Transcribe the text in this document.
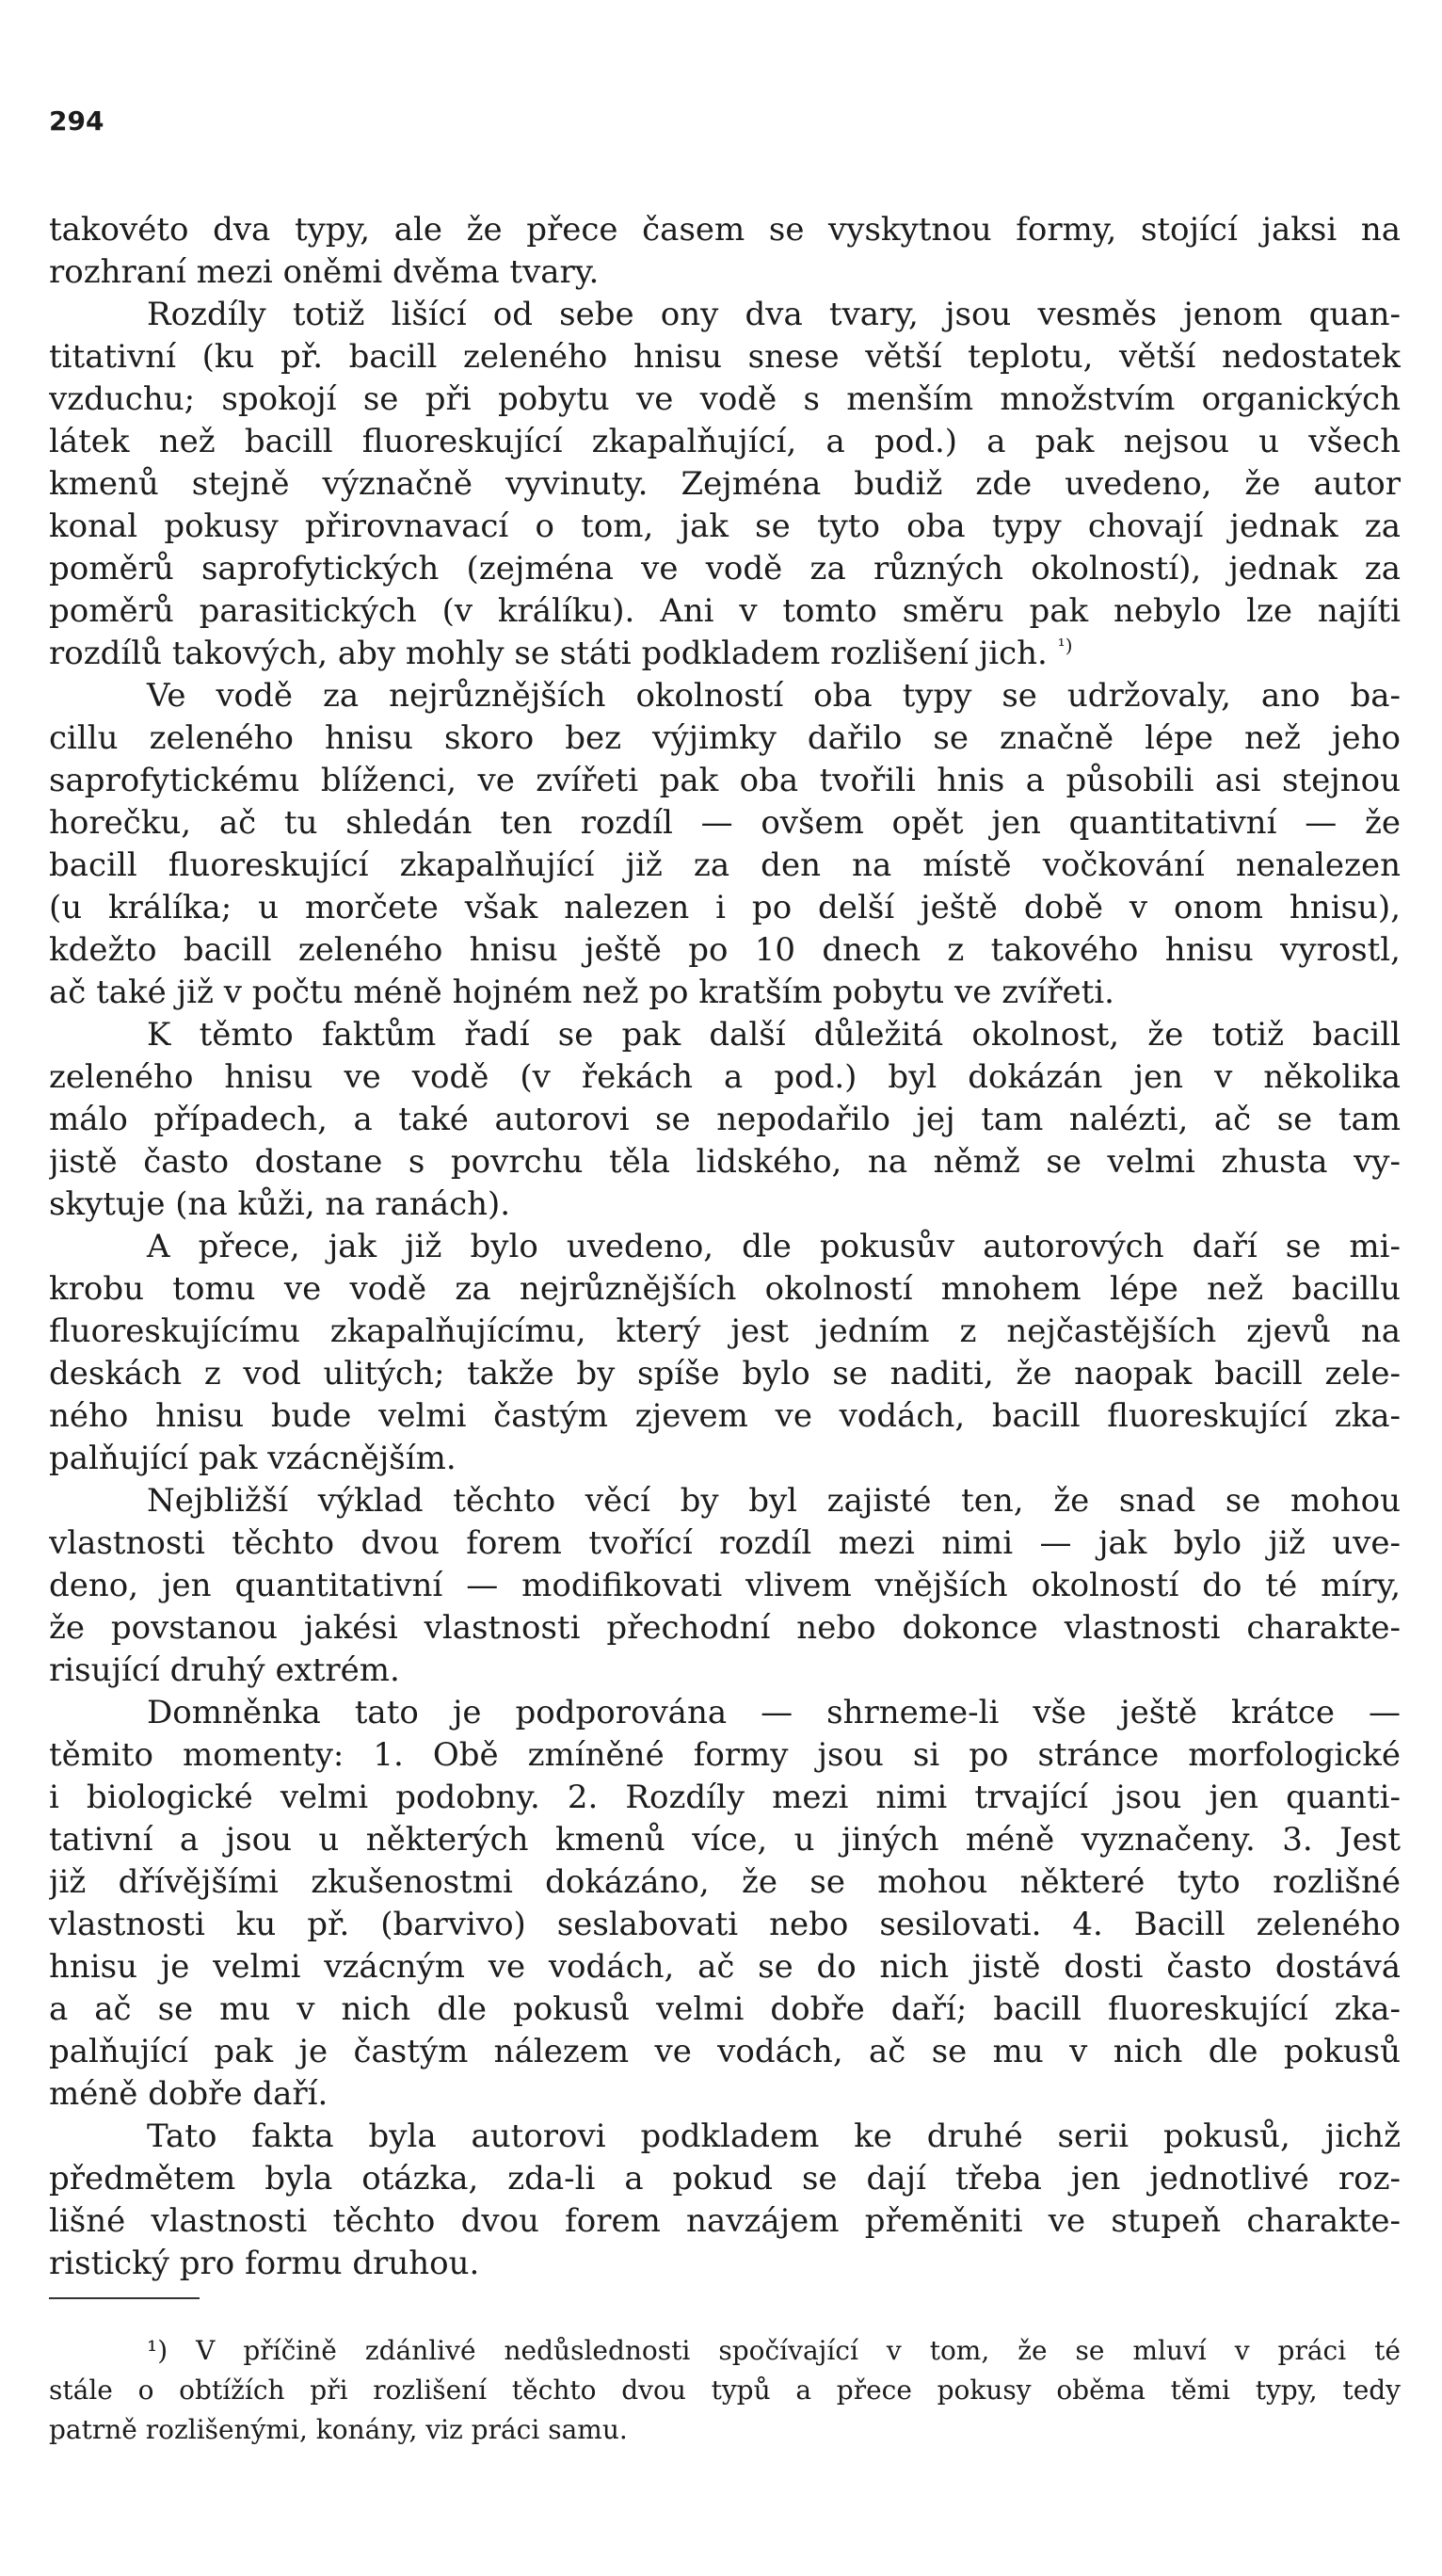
294
takovéto dva typy, ale že přece časem se vyskytnou formy, stojící jaksi na
rozhraní mezi oněmi dvěma tvary.
Rozdíly totiž lišící od sebe ony dva tvary, jsou vesměs jenom quan-
titativní (ku př. bacill zeleného hnisu snese větší teplotu, větší nedostatek
vzduchu; spokojí se při pobytu ve vodě s menším množstvím organických
látek než bacill fluoreskující zkapalňující, a pod.) a pak nejsou u všech
kmenů stejně význačně vyvinuty. Zejména budiž zde uvedeno, že autor
konal pokusy přirovnavací o tom, jak se tyto oba typy chovají jednak za
poměrů saprofytických (zejména ve vodě za různých okolností), jednak za
poměrů parasitických (v králíku). Ani v tomto směru pak nebylo lze najíti
rozdílů takových, aby mohly se státi podkladem rozlišení jich. $^{^1)}$
Ve vodě za nejrůznějších okolností oba typy se udržovaly, ano ba-
cillu zeleného hnisu skoro bez výjimky dařilo se značně lépe než jeho
saprofytickému blíženci, ve zvířeti pak oba tvořili hnis a působili asi stejnou
horečku, ač tu shledán ten rozdíl — ovšem opět jen quantitativní — že
bacill fluoreskující zkapalňující již za den na místě vočkování nenalezen
(u králíka; u morčete však nalezen i po delší ještě době v onom hnisu),
kdežto bacill zeleného hnisu ještě po 10 dnech z takového hnisu vyrostl,
ač také již v počtu méně hojném než po kratším pobytu ve zvířeti.
K těmto faktům řadí se pak další důležitá okolnost, že totiž bacill
zeleného hnisu ve vodě (v řekách a pod.) byl dokázán jen v několika
málo případech, a také autorovi se nepodařilo jej tam nalézti, ač se tam
jistě často dostane s povrchu těla lidského, na němž se velmi zhusta vy-
skytuje (na kůži, na ranách).
A přece, jak již bylo uvedeno, dle pokusův autorových daří se mi-
krobu tomu ve vodě za nejrůznějších okolností mnohem lépe než bacillu
fluoreskujícímu zkapalňujícímu, který jest jedním z nejčastějších zjevů na
deskách z vod ulitých; takže by spíše bylo se naditi, že naopak bacill zele-
ného hnisu bude velmi častým zjevem ve vodách, bacill fluoreskující zka-
palňující pak vzácnějším.
Nejbližší výklad těchto věcí by byl zajisté ten, že snad se mohou
vlastnosti těchto dvou forem tvořící rozdíl mezi nimi — jak bylo již uve-
deno, jen quantitativní — modifikovati vlivem vnějších okolností do té míry,
že povstanou jakési vlastnosti přechodní nebo dokonce vlastnosti charakte-
risující druhý extrém.
Domněnka tato je podporována — shrneme-li vše ještě krátce —
těmito momenty: 1. Obě zmíněné formy jsou si po stránce morfologické
i biologické velmi podobny. 2. Rozdíly mezi nimi trvající jsou jen quanti-
tativní a jsou u některých kmenů více, u jiných méně vyznačeny. 3. Jest
již dřívějšími zkušenostmi dokázáno, že se mohou některé tyto rozlišné
vlastnosti ku př. (barvivo) seslabovati nebo sesilovati. 4. Bacill zeleného
hnisu je velmi vzácným ve vodách, ač se do nich jistě dosti často dostává
a ač se mu v nich dle pokusů velmi dobře daří; bacill fluoreskující zka-
palňující pak je častým nálezem ve vodách, ač se mu v nich dle pokusů
méně dobře daří.
Tato fakta byla autorovi podkladem ke druhé serii pokusů, jichž
předmětem byla otázka, zda-li a pokud se dají třeba jen jednotlivé roz-
lišné vlastnosti těchto dvou forem navzájem přeměniti ve stupeň charakte-
ristický pro formu druhou.
¹) V příčině zdánlivé nedůslednosti spočívající v tom, že se mluví v práci té
stále o obtížích při rozlišení těchto dvou typů a přece pokusy oběma těmi typy, tedy
patrně rozlišenými, konány, viz práci samu.
